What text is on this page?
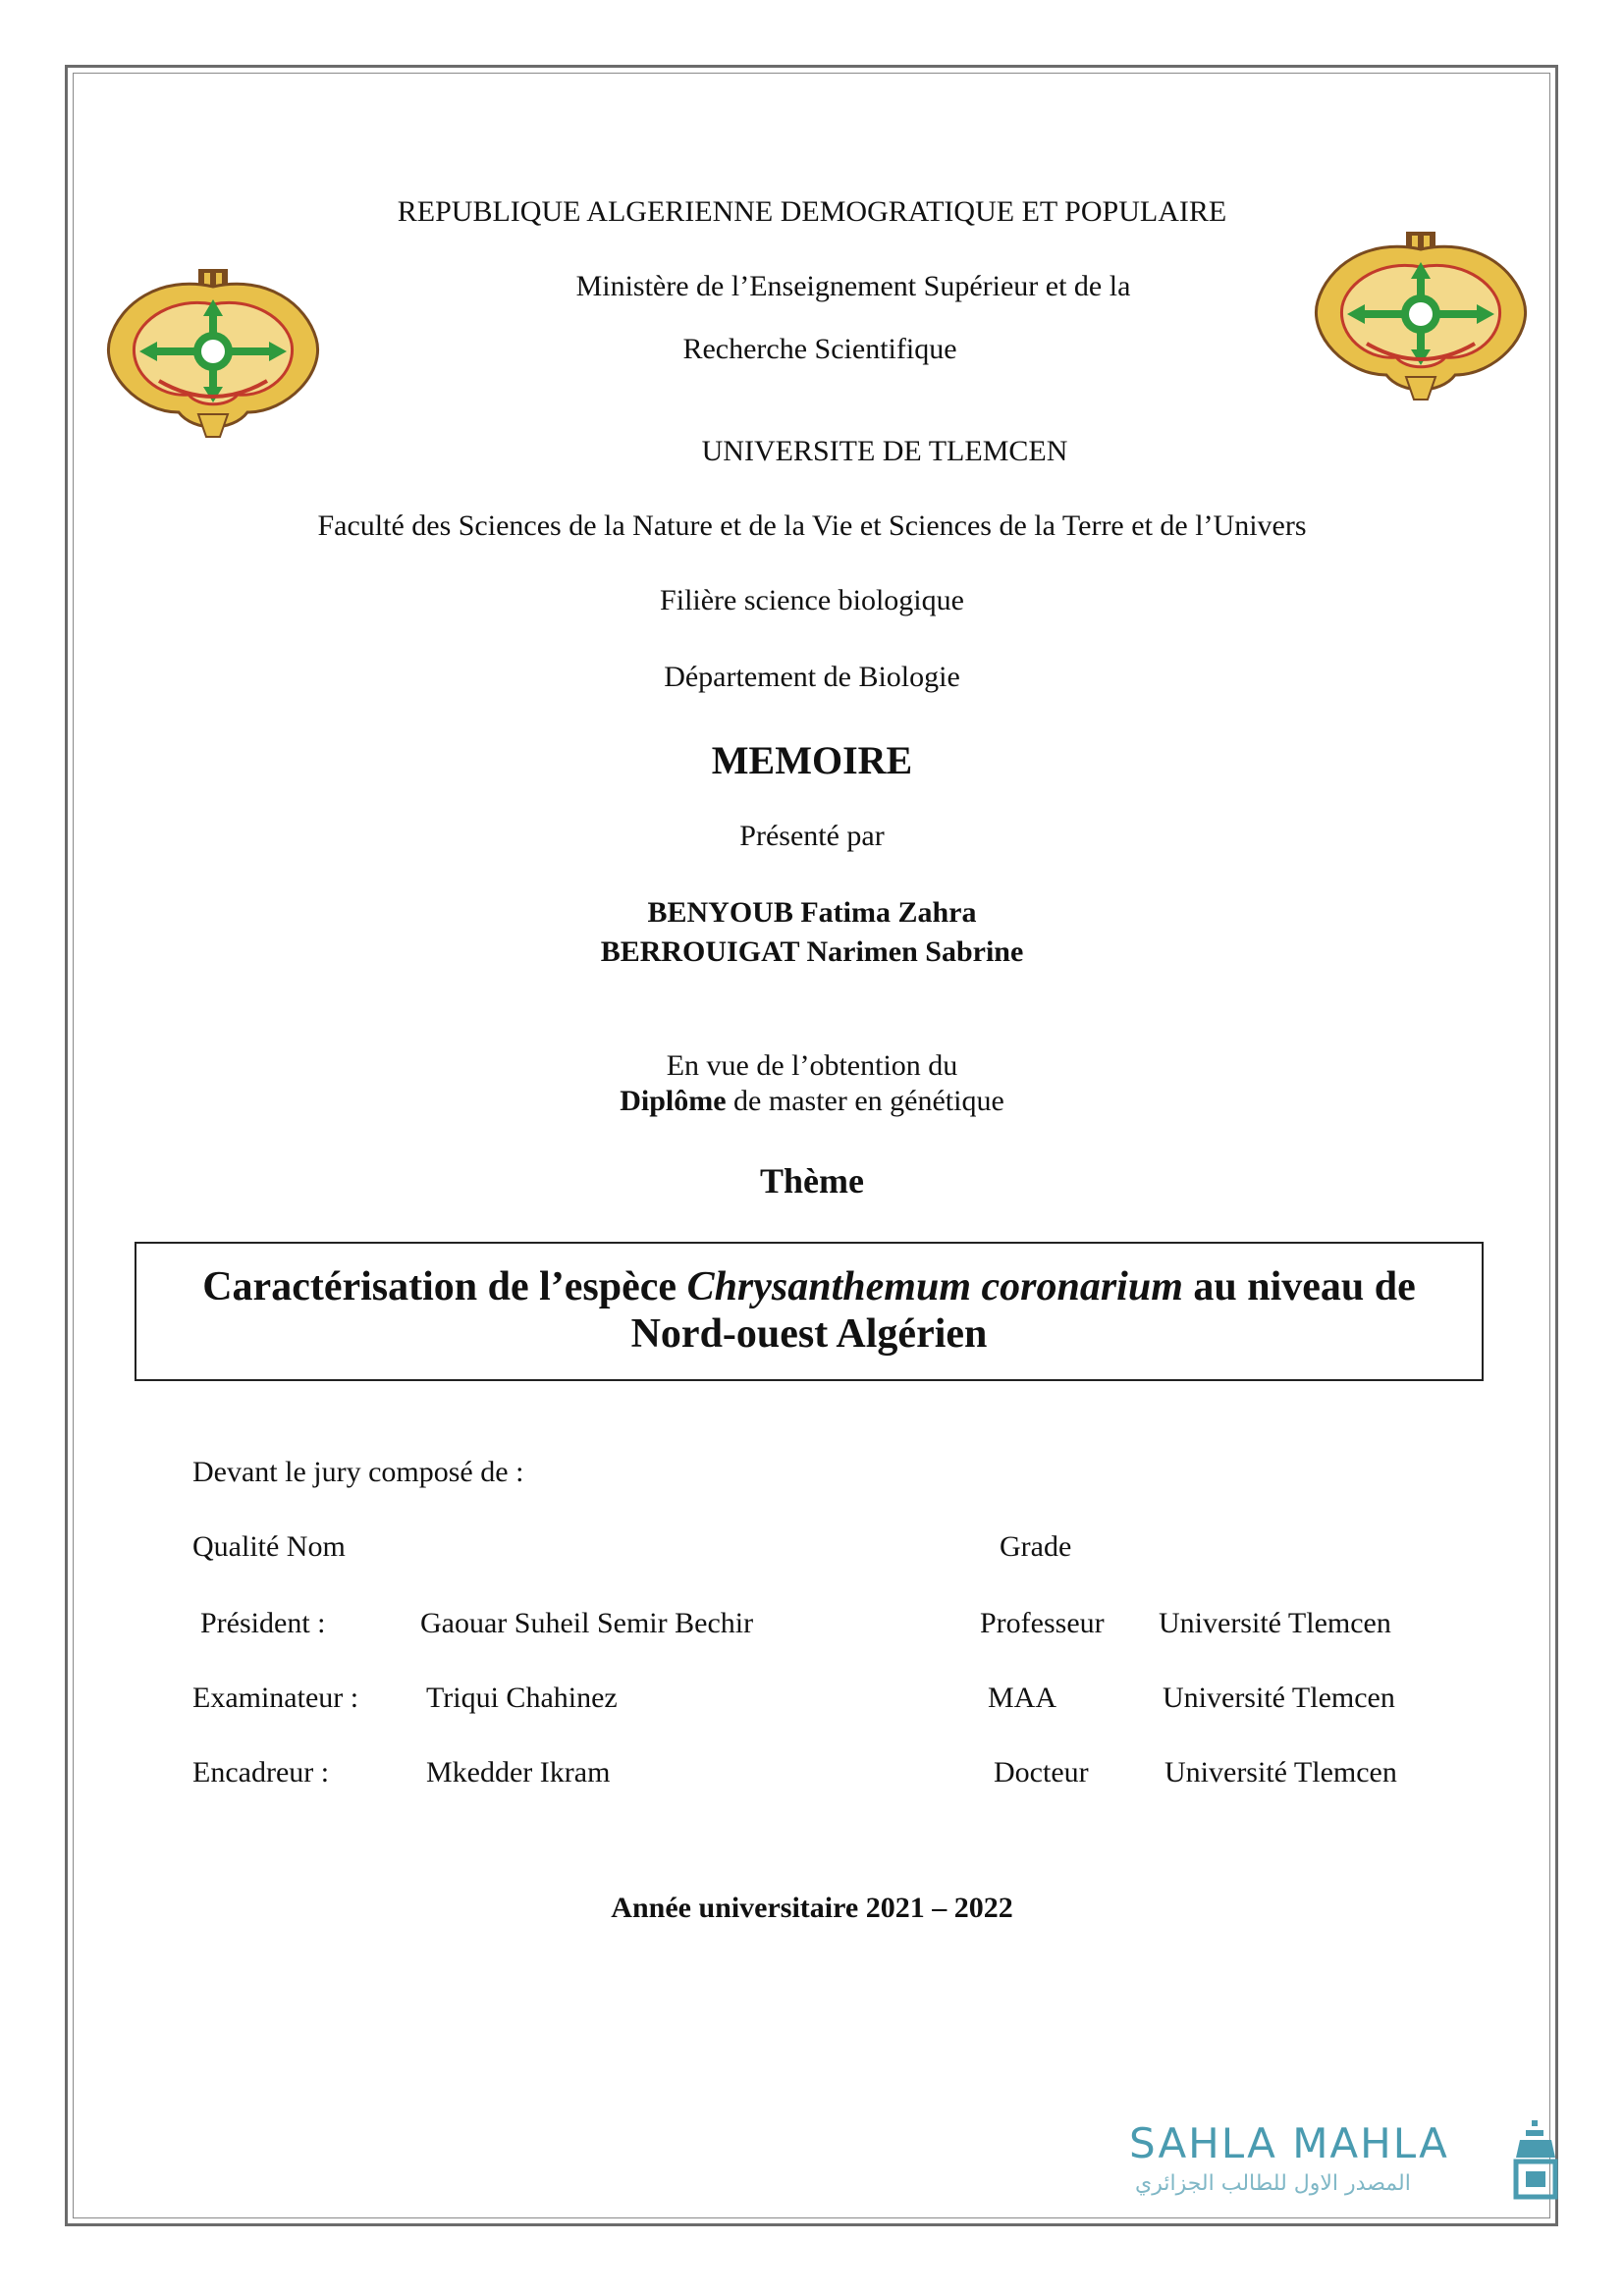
REPUBLIQUE ALGERIENNE DEMOGRATIQUE ET POPULAIRE
Ministère de l’Enseignement Supérieur et de la
Recherche Scientifique
UNIVERSITE DE TLEMCEN
Faculté des Sciences de la Nature et de la Vie et Sciences de la Terre et de l’Univers
Filière science biologique
Département de Biologie
MEMOIRE
Présenté par
BENYOUB Fatima Zahra
BERROUIGAT Narimen Sabrine
En vue de l’obtention du
Diplôme de master en génétique
Thème
Caractérisation de l’espèce Chrysanthemum coronarium au niveau de
Nord-ouest Algérien
Devant le jury composé de :
Qualité Nom	Grade
Président :	Gaouar Suheil Semir Bechir	Professeur Université Tlemcen
Examinateur : Triqui Chahinez	MAA	Université Tlemcen
Encadreur :	Mkedder Ikram	Docteur	Université Tlemcen
Année universitaire 2021 – 2022
SAHLA MAHLA
المصدر الاول للطالب الجزائري
